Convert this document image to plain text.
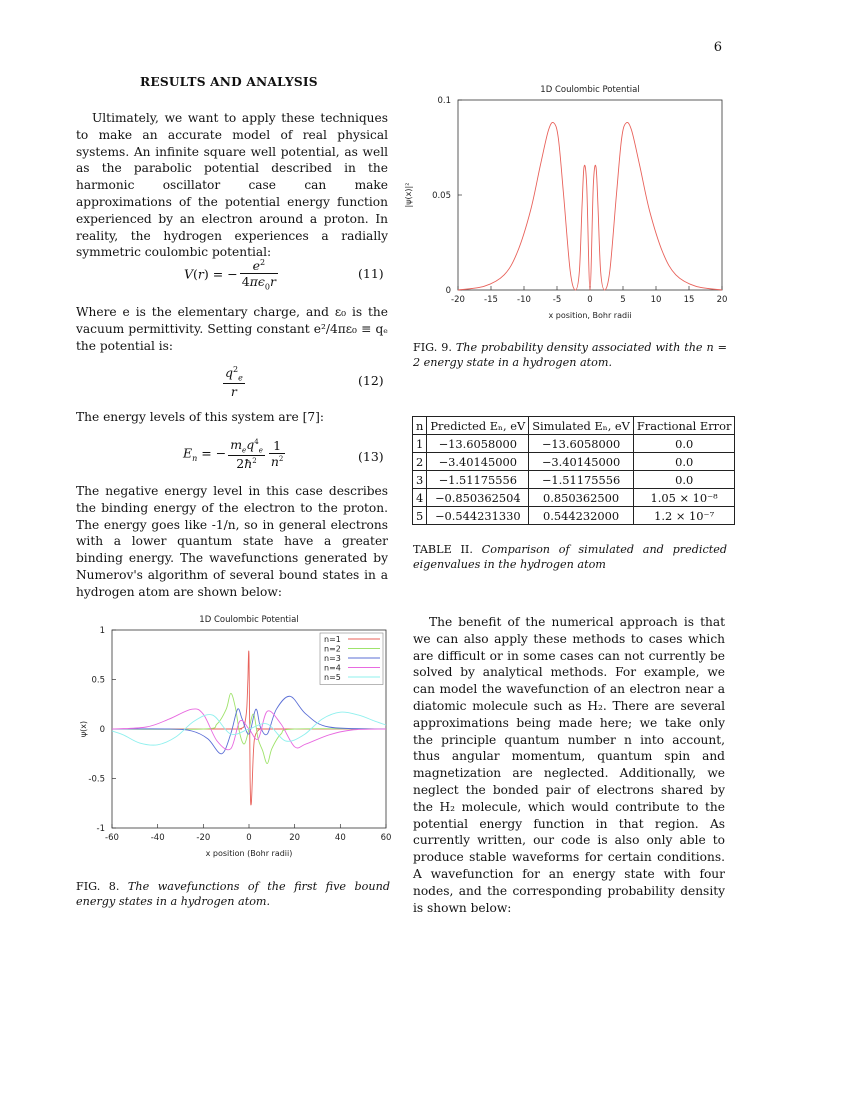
6
RESULTS AND ANALYSIS

Ultimately, we want to apply these techniques to make an accurate model of real physical systems. An infinite square well potential, as well as the parabolic potential described in the harmonic oscillator case can make approximations of the potential energy function experienced by an electron around a proton. In reality, the hydrogen experiences a radially symmetric coulombic potential:

V(r) = − $\frac{e^2}{4\pi\epsilon_0r}$	(11)

Where e is the elementary charge, and ε₀ is the vacuum permittivity. Setting constant e²/4πε₀ ≡ qₑ the potential is:

$\frac{q^2_e}{r}$	(12)

The energy levels of this system are [7]:

$E_n$ = − $\frac{m_eq^4_e}{2ħ^2}$
$\frac{1}{n^2}$	(13)

The negative energy level in this case describes the binding energy of the electron to the proton. The energy goes like -1/n, so in general electrons with a lower quantum state have a greater binding energy. The wavefunctions generated by Numerov's algorithm of several bound states in a hydrogen atom are shown below:

1D Coulombic Potential
-60	-40	-20	0	20	40	60
-1
-0.5
0
0.5
1
x position (Bohr radii)
ψ(x)
n=1
n=2
n=3
n=4
n=5
FIG. 8. The wavefunctions of the first five bound energy states in a hydrogen atom.
1D Coulombic Potential
-20 -15 -10	-5	0	5	10	15	20
0
0.05
0.1
x position, Bohr radii
|ψ(x)|²
FIG. 9. The probability density associated with the n = 2 energy state in a hydrogen atom.
n	Predicted Eₙ, eV	Simulated Eₙ, eV	Fractional Error
1	−13.6058000	−13.6058000	0.0
2	−3.40145000	−3.40145000	0.0
3	−1.51175556	−1.51175556	0.0
4	−0.850362504	0.850362500	1.05 × 10⁻⁸
5	−0.544231330	0.544232000	1.2 × 10⁻⁷
TABLE II. Comparison of simulated and predicted eigenvalues in the hydrogen atom

The benefit of the numerical approach is that we can also apply these methods to cases which are difficult or in some cases can not currently be solved by analytical methods. For example, we can model the wavefunction of an electron near a diatomic molecule such as H₂. There are several approximations being made here; we take only the principle quantum number n into account, thus angular momentum, quantum spin and magnetization are neglected. Additionally, we neglect the bonded pair of electrons shared by the H₂ molecule, which would contribute to the potential energy function in that region. As currently written, our code is also only able to produce stable waveforms for certain conditions. A wavefunction for an energy state with four nodes, and the corresponding probability density is shown below:
